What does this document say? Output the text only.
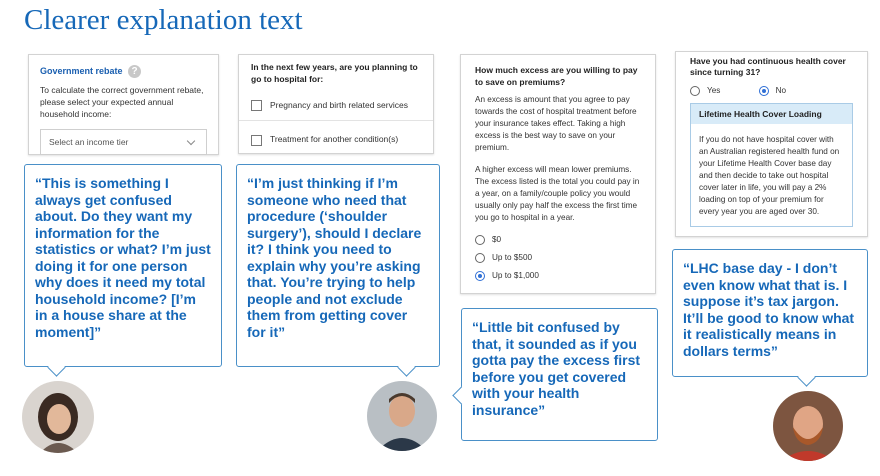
Clearer explanation text
Government rebate ?
To calculate the correct government rebate, please select your expected annual household income:
Select an income tier
In the next few years, are you planning to go to hospital for:
Pregnancy and birth related services
Treatment for another condition(s)
How much excess are you willing to pay to save on premiums?
An excess is amount that you agree to pay towards the cost of hospital treatment before your insurance takes effect. Taking a high excess is the best way to save on your premium.
A higher excess will mean lower premiums. The excess listed is the total you could pay in a year, on a family/couple policy you would usually only pay half the excess the first time you go to hospital in a year.
$0
Up to $500
Up to $1,000
Have you had continuous health cover since turning 31?
Yes	No
Lifetime Health Cover Loading
If you do not have hospital cover with an Australian registered health fund on your Lifetime Health Cover base day and then decide to take out hospital cover later in life, you will pay a 2% loading on top of your premium for every year you are aged over 30.
“This is something I always get confused about. Do they want my information for the statistics or what? I’m just doing it for one person why does it need my total household income? [I’m in a house share at the moment]”
“I’m just thinking if I’m someone who need that procedure (‘shoulder surgery’), should I declare it? I think you need to explain why you’re asking that. You’re trying to help people and not exclude them from getting cover for it”	“Little bit confused by that, it sounded as if you gotta pay the excess first before you get covered with your health insurance”
“LHC base day - I don’t even know what that is. I suppose it’s tax jargon. It’ll be good to know what it realistically means in dollars terms”
